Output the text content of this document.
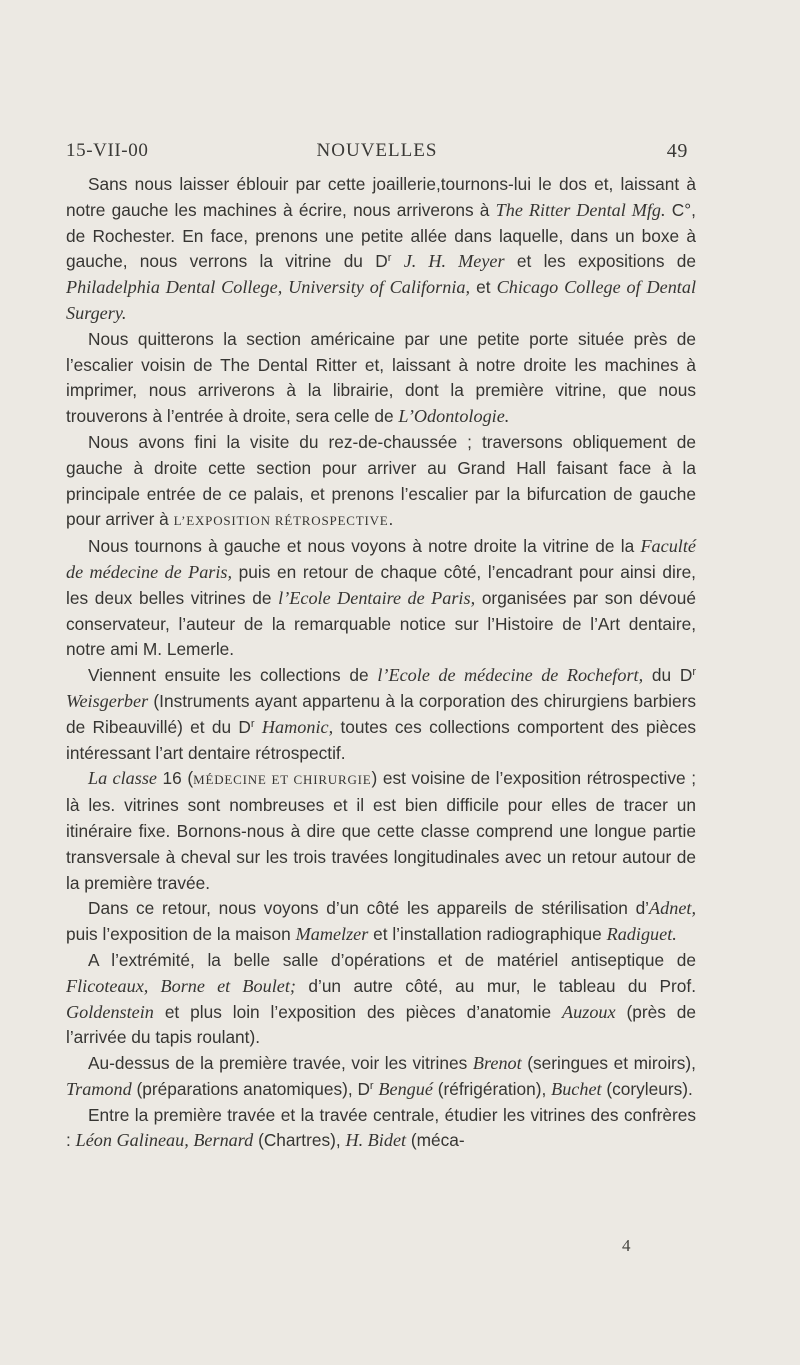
15-VII-00	NOUVELLES	49

Sans nous laisser éblouir par cette joaillerie,tournons-lui le dos et, laissant à notre gauche les machines à écrire, nous arriverons à The Ritter Dental Mfg. C°, de Rochester. En face, prenons une petite allée dans laquelle, dans un boxe à gauche, nous verrons la vitrine du $D^r$ J. H. Meyer et les expositions de Philadelphia Dental College, University of California, et Chicago College of Dental Surgery.

Nous quitterons la section américaine par une petite porte située près de l’escalier voisin de The Dental Ritter et, laissant à notre droite les machines à imprimer, nous arriverons à la librairie, dont la première vitrine, que nous trouverons à l’entrée à droite, sera celle de L’Odontologie.

Nous avons fini la visite du rez-de-chaussée ; traversons obliquement de gauche à droite cette section pour arriver au Grand Hall faisant face à la principale entrée de ce palais, et prenons l’escalier par la bifurcation de gauche pour arriver à L’EXPOSITION RÉTROSPECTIVE.

Nous tournons à gauche et nous voyons à notre droite la vitrine de la Faculté de médecine de Paris, puis en retour de chaque côté, l’encadrant pour ainsi dire, les deux belles vitrines de l’Ecole Dentaire de Paris, organisées par son dévoué conservateur, l’auteur de la remarquable notice sur l’Histoire de l’Art dentaire, notre ami M. Lemerle.

Viennent ensuite les collections de l’Ecole de médecine de Rochefort, du $D^r$ Weisgerber (Instruments ayant appartenu à la corporation des chirurgiens barbiers de Ribeauvillé) et du $D^r$ Hamonic, toutes ces collections comportent des pièces intéressant l’art dentaire rétrospectif.

La classe 16 (MÉDECINE ET CHIRURGIE) est voisine de l’exposition rétrospective ; là les. vitrines sont nombreuses et il est bien difficile pour elles de tracer un itinéraire fixe. Bornons-nous à dire que cette classe comprend une longue partie transversale à cheval sur les trois travées longitudinales avec un retour autour de la première travée.

Dans ce retour, nous voyons d’un côté les appareils de stérilisation d’Adnet, puis l’exposition de la maison Mamelzer et l’installation radiographique Radiguet.

A l’extrémité, la belle salle d’opérations et de matériel antiseptique de Flicoteaux, Borne et Boulet; d’un autre côté, au mur, le tableau du Prof. Goldenstein et plus loin l’exposition des pièces d’anatomie Auzoux (près de l’arrivée du tapis roulant).

Au-dessus de la première travée, voir les vitrines Brenot (seringues et miroirs), Tramond (préparations anatomiques), $D^r$ Bengué (réfrigération), Buchet (coryleurs).

Entre la première travée et la travée centrale, étudier les vitrines des confrères : Léon Galineau, Bernard (Chartres), H. Bidet (méca-

4
